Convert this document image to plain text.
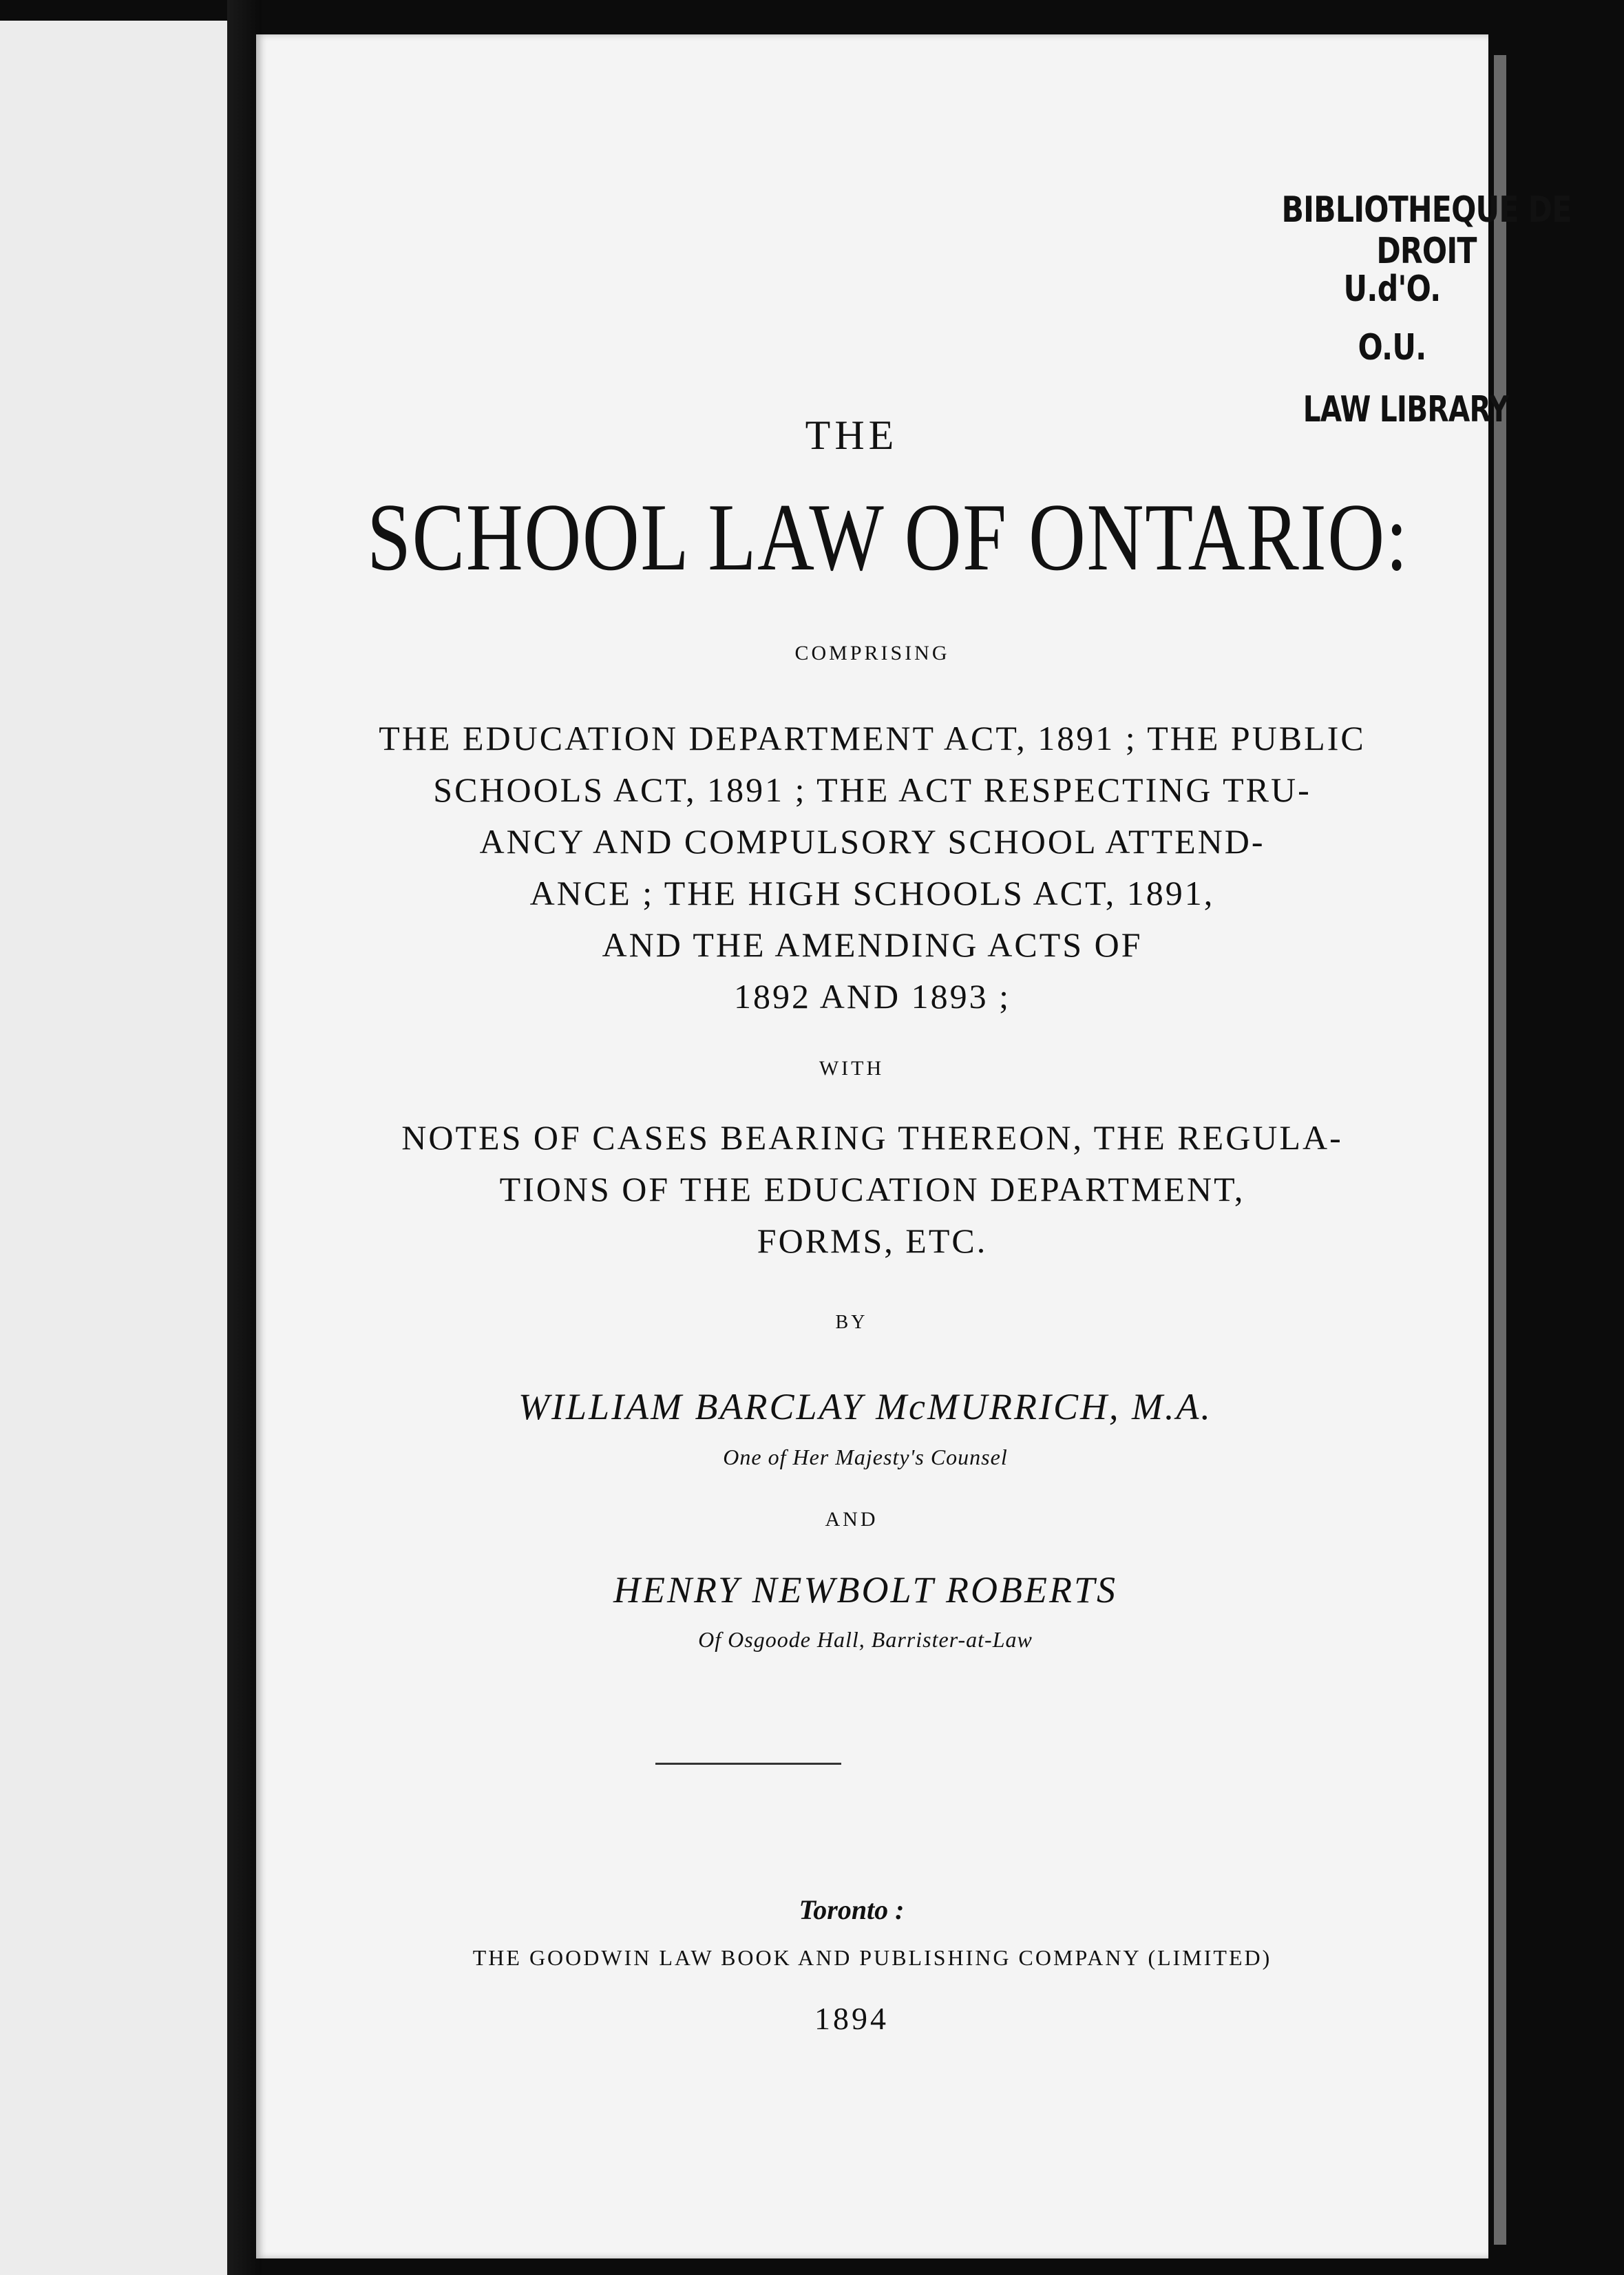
BIBLIOTHEQUE DE DROIT
U.d'O.
O.U.
LAW LIBRARY
THE
SCHOOL LAW OF ONTARIO:
COMPRISING
THE EDUCATION DEPARTMENT ACT, 1891 ; THE PUBLIC
SCHOOLS ACT, 1891 ; THE ACT RESPECTING TRU-
ANCY AND COMPULSORY SCHOOL ATTEND-
ANCE ; THE HIGH SCHOOLS ACT, 1891,
AND THE AMENDING ACTS OF
1892 AND 1893 ;
WITH
NOTES OF CASES BEARING THEREON, THE REGULA-
TIONS OF THE EDUCATION DEPARTMENT,
FORMS, ETC.
BY
WILLIAM BARCLAY McMURRICH, M.A.
One of Her Majesty's Counsel
AND
HENRY NEWBOLT ROBERTS
Of Osgoode Hall, Barrister-at-Law
Toronto :
THE GOODWIN LAW BOOK AND PUBLISHING COMPANY (LIMITED)
1894
